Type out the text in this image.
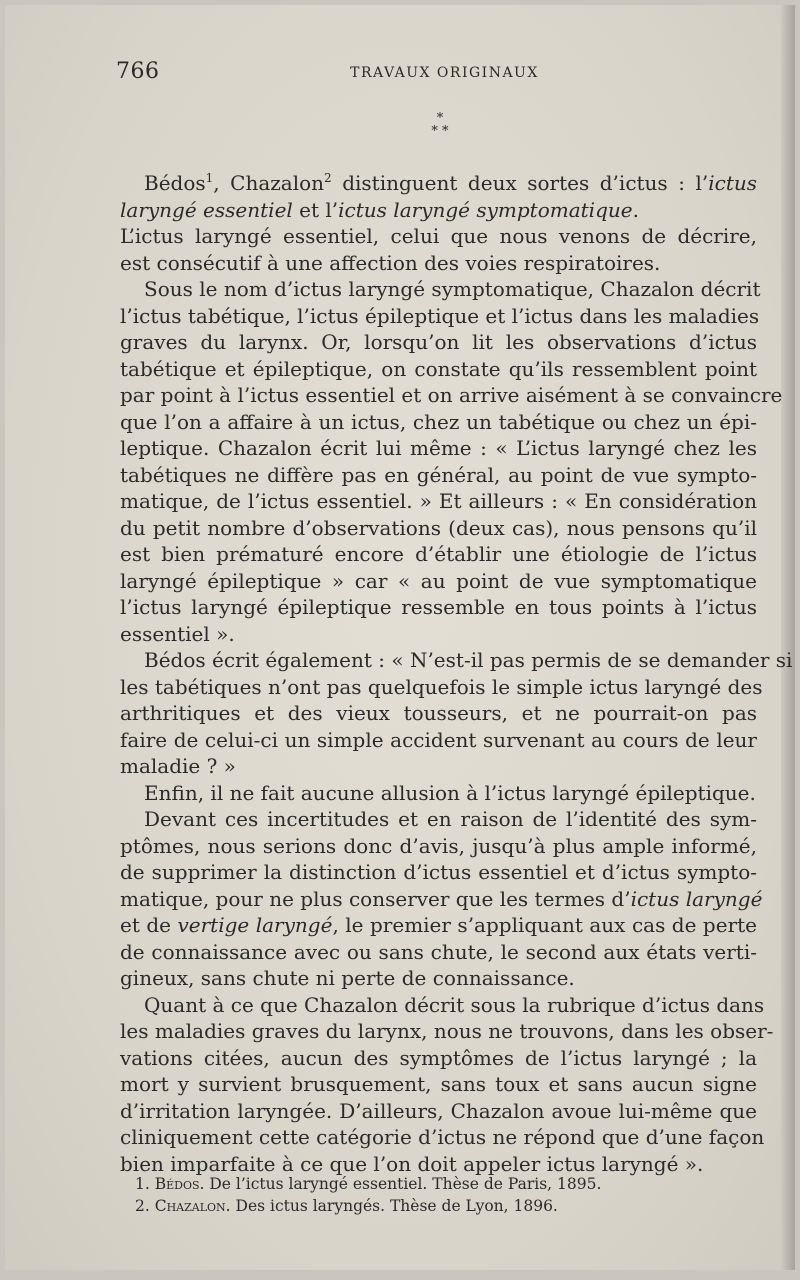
766	TRAVAUX ORIGINAUX
*
* *
Bédos$^1$, Chazalon$^2$ distinguent deux sortes d’ictus : l’ictus
laryngé essentiel et l’ictus laryngé symptomatique.
L’ictus laryngé essentiel, celui que nous venons de décrire,
est consécutif à une affection des voies respiratoires.
Sous le nom d’ictus laryngé symptomatique, Chazalon décrit
l’ictus tabétique, l’ictus épileptique et l’ictus dans les maladies
graves du larynx. Or, lorsqu’on lit les observations d’ictus
tabétique et épileptique, on constate qu’ils ressemblent point
par point à l’ictus essentiel et on arrive aisément à se convaincre
que l’on a affaire à un ictus, chez un tabétique ou chez un épi-
leptique. Chazalon écrit lui même : « L’ictus laryngé chez les
tabétiques ne diffère pas en général, au point de vue sympto-
matique, de l’ictus essentiel. » Et ailleurs : « En considération
du petit nombre d’observations (deux cas), nous pensons qu’il
est bien prématuré encore d’établir une étiologie de l’ictus
laryngé épileptique » car « au point de vue symptomatique
l’ictus laryngé épileptique ressemble en tous points à l’ictus
essentiel ».
Bédos écrit également : « N’est-il pas permis de se demander si
les tabétiques n’ont pas quelquefois le simple ictus laryngé des
arthritiques et des vieux tousseurs, et ne pourrait-on pas
faire de celui-ci un simple accident survenant au cours de leur
maladie ? »
Enfin, il ne fait aucune allusion à l’ictus laryngé épileptique.
Devant ces incertitudes et en raison de l’identité des sym-
ptômes, nous serions donc d’avis, jusqu’à plus ample informé,
de supprimer la distinction d’ictus essentiel et d’ictus sympto-
matique, pour ne plus conserver que les termes d’ictus laryngé
et de vertige laryngé, le premier s’appliquant aux cas de perte
de connaissance avec ou sans chute, le second aux états verti-
gineux, sans chute ni perte de connaissance.
Quant à ce que Chazalon décrit sous la rubrique d’ictus dans
les maladies graves du larynx, nous ne trouvons, dans les obser-
vations citées, aucun des symptômes de l’ictus laryngé ; la
mort y survient brusquement, sans toux et sans aucun signe
d’irritation laryngée. D’ailleurs, Chazalon avoue lui-même que
cliniquement cette catégorie d’ictus ne répond que d’une façon
bien imparfaite à ce que l’on doit appeler ictus laryngé ».
1. Bédos. De l’ictus laryngé essentiel. Thèse de Paris, 1895.
2. Chazalon. Des ictus laryngés. Thèse de Lyon, 1896.
